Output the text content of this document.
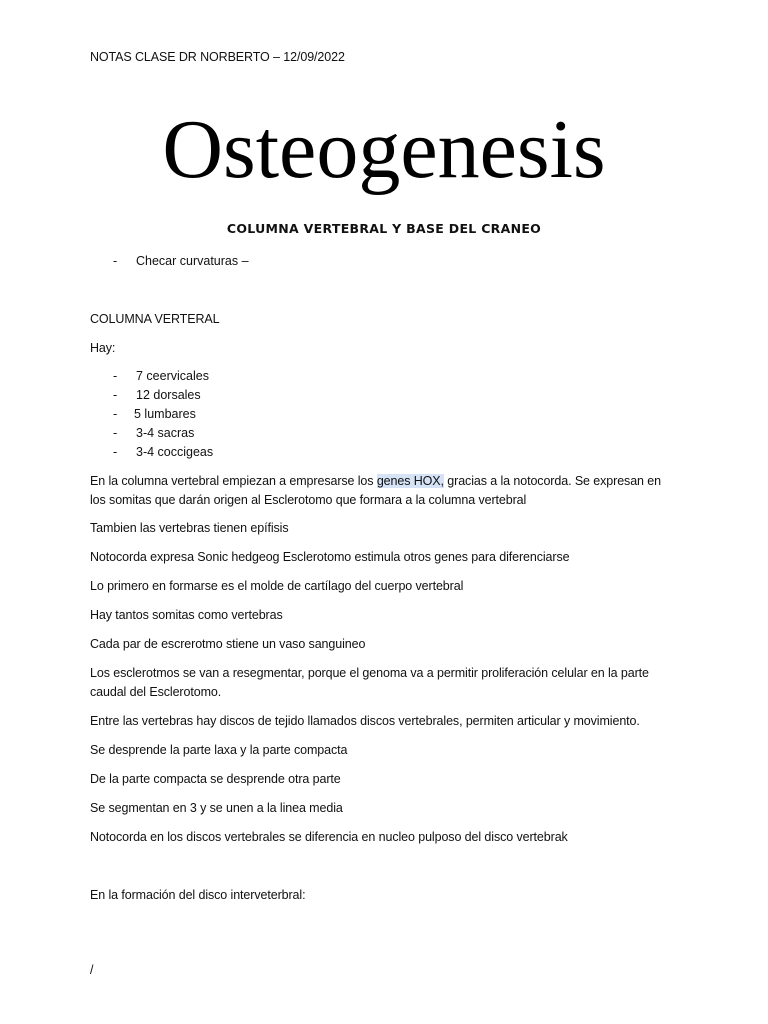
NOTAS CLASE DR NORBERTO – 12/09/2022
Osteogenesis
COLUMNA VERTEBRAL Y BASE DEL CRANEO
- Checar curvaturas –
COLUMNA VERTERAL
Hay:
- 7 ceervicales
- 12 dorsales
- 5 lumbares
- 3-4 sacras
- 3-4 coccigeas
En la columna vertebral empiezan a empresarse los genes HOX, gracias a la notocorda. Se expresan en
los somitas que darán origen al Esclerotomo que formara a la columna vertebral
Tambien las vertebras tienen epífisis
Notocorda expresa Sonic hedgeog Esclerotomo estimula otros genes para diferenciarse
Lo primero en formarse es el molde de cartílago del cuerpo vertebral
Hay tantos somitas como vertebras
Cada par de escrerotmo stiene un vaso sanguineo
Los esclerotmos se van a resegmentar, porque el genoma va a permitir proliferación celular en la parte
caudal del Esclerotomo.
Entre las vertebras hay discos de tejido llamados discos vertebrales, permiten articular y movimiento.
Se desprende la parte laxa y la parte compacta
De la parte compacta se desprende otra parte
Se segmentan en 3 y se unen a la linea media
Notocorda en los discos vertebrales se diferencia en nucleo pulposo del disco vertebrak
En la formación del disco interveterbral:
/
